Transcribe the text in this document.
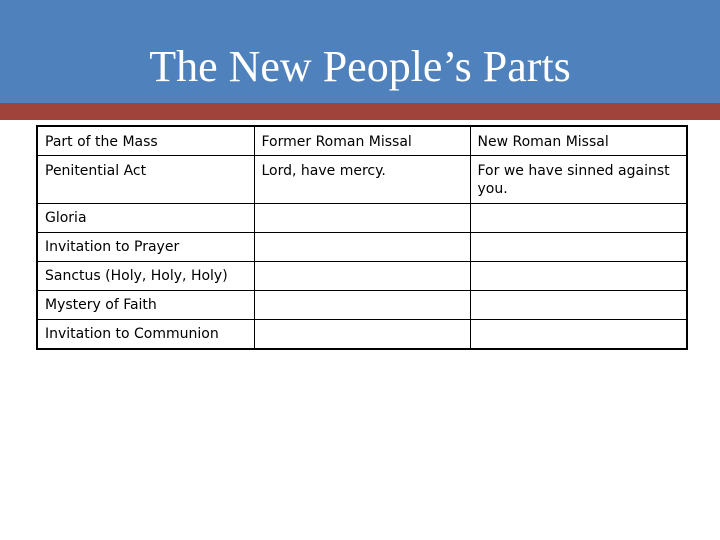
The New People’s Parts
Part of the Mass	Former Roman Missal	New Roman Missal
Penitential Act	Lord, have mercy.	For we have sinned against you.
Gloria		
Invitation to Prayer		
Sanctus (Holy, Holy, Holy)		
Mystery of Faith		
Invitation to Communion		
